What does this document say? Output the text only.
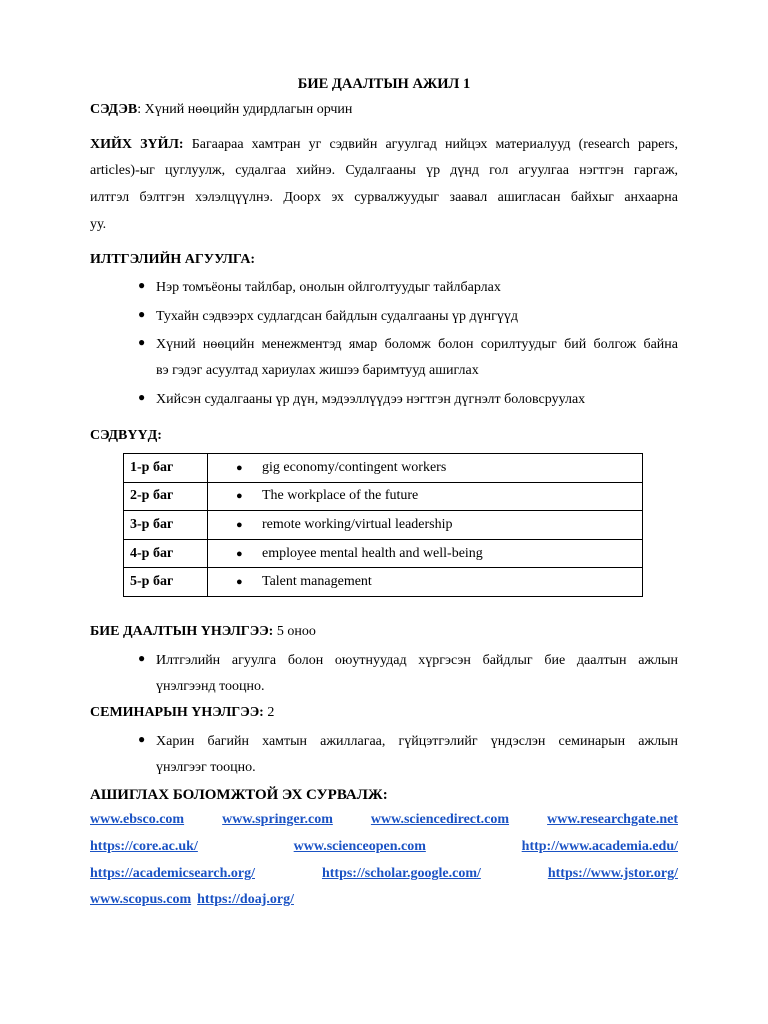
БИЕ ДААЛТЫН АЖИЛ 1
СЭДЭВ: Хүний нөөцийн удирдлагын орчин
ХИЙХ ЗҮЙЛ: Багаараа хамтран уг сэдвийн агуулгад нийцэх материалууд (research papers,
articles)-ыг цуглуулж, судалгаа хийнэ. Судалгааны үр дүнд гол агуулгаа нэгтгэн гаргаж,
илтгэл бэлтгэн хэлэлцүүлнэ. Доорх эх сурвалжуудыг заавал ашигласан байхыг анхаарна
уу.
ИЛТГЭЛИЙН АГУУЛГА:
● Нэр томъёоны тайлбар, онолын ойлголтуудыг тайлбарлах
● Тухайн сэдвээрх судлагдсан байдлын судалгааны үр дүнгүүд
● Хүний нөөцийн менежментэд ямар боломж болон сорилтуудыг бий болгож байна
вэ гэдэг асуултад хариулах жишээ баримтууд ашиглах
● Хийсэн судалгааны үр дүн, мэдээллүүдээ нэгтгэн дүгнэлт боловсруулах
СЭДВҮҮД:
1-р баг	● gig economy/contingent workers
2-р баг	● The workplace of the future
3-р баг	● remote working/virtual leadership
4-р баг	● employee mental health and well-being
5-р баг	● Talent management
БИЕ ДААЛТЫН ҮНЭЛГЭЭ: 5 оноо
● Илтгэлийн агуулга болон оюутнуудад хүргэсэн байдлыг бие даалтын ажлын
үнэлгээнд тооцно.
СЕМИНАРЫН ҮНЭЛГЭЭ: 2
● Харин багийн хамтын ажиллагаа, гүйцэтгэлийг үндэслэн семинарын ажлын
үнэлгээг тооцно.
АШИГЛАХ БОЛОМЖТОЙ ЭХ СУРВАЛЖ:
www.ebsco.com	www.springer.com	www.sciencedirect.com	www.researchgate.net
https://core.ac.uk/	www.scienceopen.com	http://www.academia.edu/
https://academicsearch.org/	https://scholar.google.com/	https://www.jstor.org/
www.scopus.com https://doaj.org/
